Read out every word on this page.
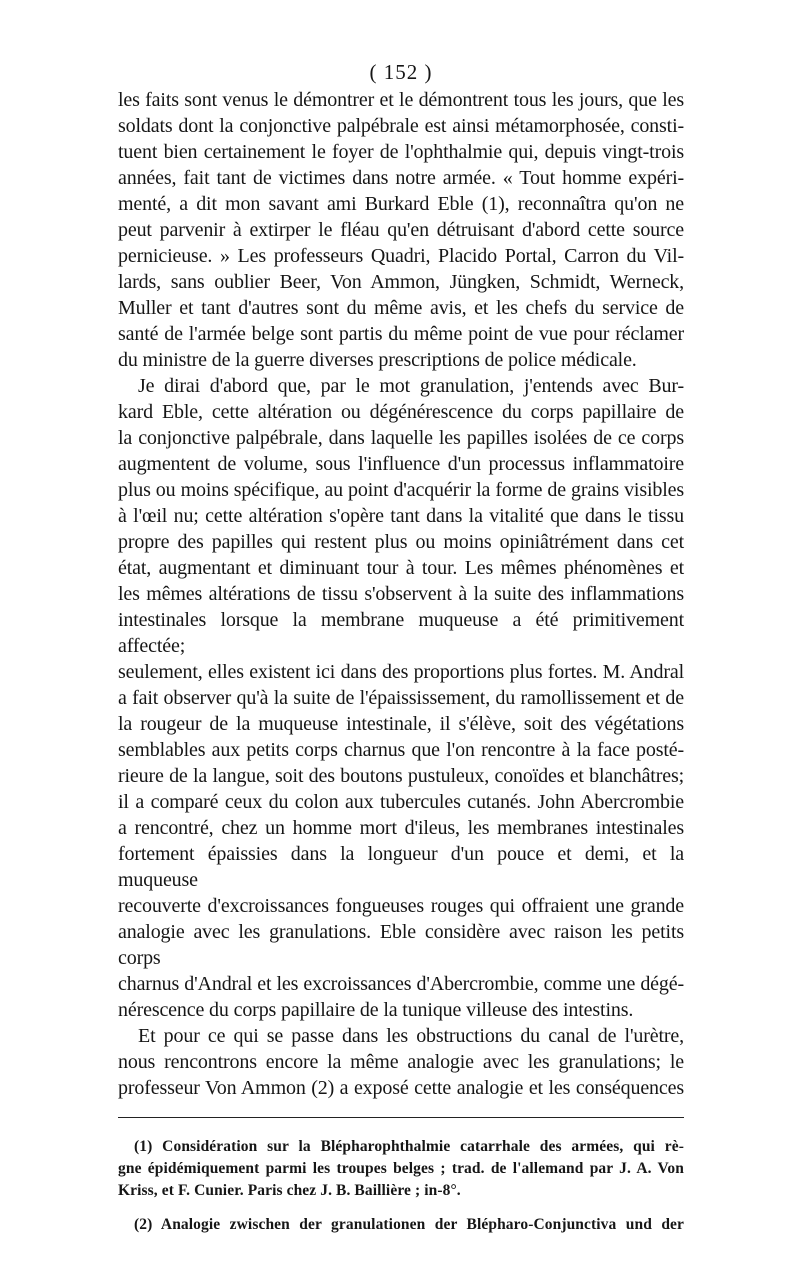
( 152 )

les faits sont venus le démontrer et le démontrent tous les jours, que les

soldats dont la conjonctive palpébrale est ainsi métamorphosée, consti-

tuent bien certainement le foyer de l'ophthalmie qui, depuis vingt-trois

années, fait tant de victimes dans notre armée. « Tout homme expéri-

menté, a dit mon savant ami Burkard Eble (1), reconnaîtra qu'on ne

peut parvenir à extirper le fléau qu'en détruisant d'abord cette source

pernicieuse. » Les professeurs Quadri, Placido Portal, Carron du Vil-

lards, sans oublier Beer, Von Ammon, Jüngken, Schmidt, Werneck,

Muller et tant d'autres sont du même avis, et les chefs du service de

santé de l'armée belge sont partis du même point de vue pour réclamer

du ministre de la guerre diverses prescriptions de police médicale.

Je dirai d'abord que, par le mot granulation, j'entends avec Bur-

kard Eble, cette altération ou dégénérescence du corps papillaire de

la conjonctive palpébrale, dans laquelle les papilles isolées de ce corps

augmentent de volume, sous l'influence d'un processus inflammatoire

plus ou moins spécifique, au point d'acquérir la forme de grains visibles

à l'œil nu; cette altération s'opère tant dans la vitalité que dans le tissu

propre des papilles qui restent plus ou moins opiniâtrément dans cet

état, augmentant et diminuant tour à tour. Les mêmes phénomènes et

les mêmes altérations de tissu s'observent à la suite des inflammations

intestinales lorsque la membrane muqueuse a été primitivement affectée;

seulement, elles existent ici dans des proportions plus fortes. M. Andral

a fait observer qu'à la suite de l'épaississement, du ramollissement et de

la rougeur de la muqueuse intestinale, il s'élève, soit des végétations

semblables aux petits corps charnus que l'on rencontre à la face posté-

rieure de la langue, soit des boutons pustuleux, conoïdes et blanchâtres;

il a comparé ceux du colon aux tubercules cutanés. John Abercrombie

a rencontré, chez un homme mort d'ileus, les membranes intestinales

fortement épaissies dans la longueur d'un pouce et demi, et la muqueuse

recouverte d'excroissances fongueuses rouges qui offraient une grande

analogie avec les granulations. Eble considère avec raison les petits corps

charnus d'Andral et les excroissances d'Abercrombie, comme une dégé-

nérescence du corps papillaire de la tunique villeuse des intestins.

Et pour ce qui se passe dans les obstructions du canal de l'urètre,

nous rencontrons encore la même analogie avec les granulations; le

professeur Von Ammon (2) a exposé cette analogie et les conséquences

(1) Considération sur la Blépharophthalmie catarrhale des armées, qui rè-

gne épidémiquement parmi les troupes belges ; trad. de l'allemand par J. A. Von

Kriss, et F. Cunier. Paris chez J. B. Baillière ; in-8°.

(2) Analogie zwischen der granulationen der Blépharo-Conjunctiva und der
